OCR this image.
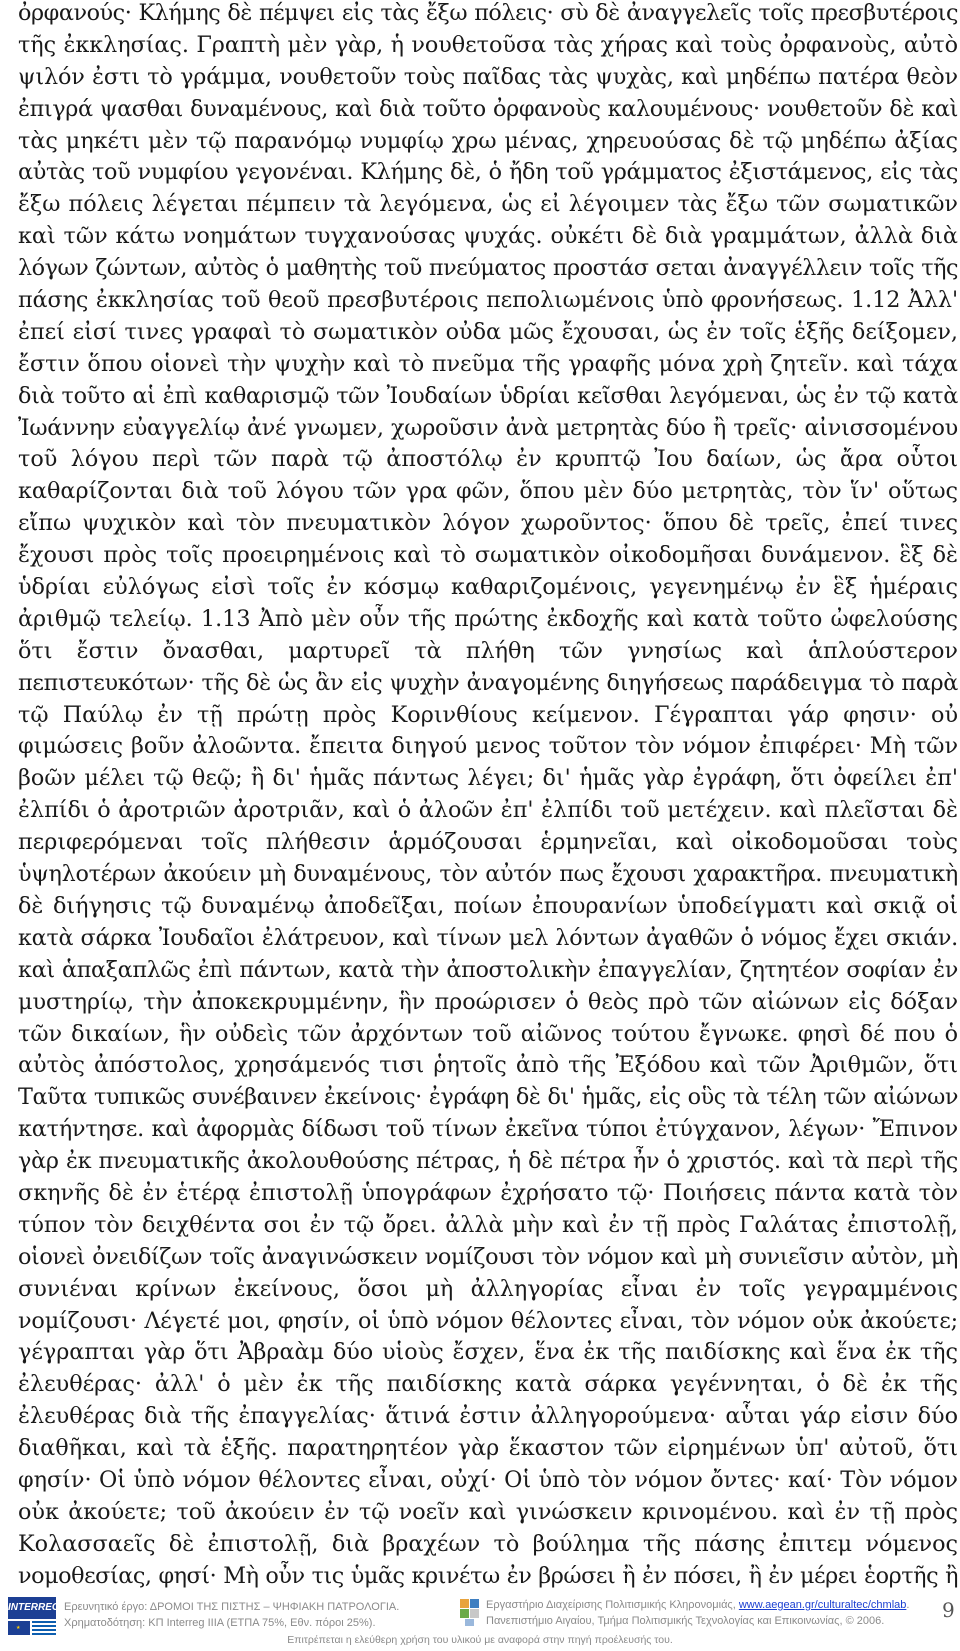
ὀρφανούς· Κλήμης δὲ πέμψει εἰς τὰς ἔξω πόλεις· σὺ δὲ ἀναγγελεῖς τοῖς πρεσβυτέροις
τῆς ἐκκλησίας. Γραπτὴ μὲν γὰρ, ἡ νουθετοῦσα τὰς χήρας καὶ τοὺς ὀρφανοὺς, αὐτὸ
ψιλόν ἐστι τὸ γράμμα, νουθετοῦν τοὺς παῖδας τὰς ψυχὰς, καὶ μηδέπω πατέρα θεὸν
ἐπιγρά ψασθαι δυναμένους, καὶ διὰ τοῦτο ὀρφανοὺς καλουμένους· νουθετοῦν δὲ καὶ
τὰς μηκέτι μὲν τῷ παρανόμῳ νυμφίῳ χρω μένας, χηρευούσας δὲ τῷ μηδέπω ἀξίας
αὐτὰς τοῦ νυμφίου γεγονέναι. Κλήμης δὲ, ὁ ἤδη τοῦ γράμματος ἐξιστάμενος, εἰς τὰς
ἔξω πόλεις λέγεται πέμπειν τὰ λεγόμενα, ὡς εἰ λέγοιμεν τὰς ἔξω τῶν σωματικῶν
καὶ τῶν κάτω νοημάτων τυγχανούσας ψυχάς. οὐκέτι δὲ διὰ γραμμάτων, ἀλλὰ διὰ
λόγων ζώντων, αὐτὸς ὁ μαθητὴς τοῦ πνεύματος προστάσ σεται ἀναγγέλλειν τοῖς τῆς
πάσης ἐκκλησίας τοῦ θεοῦ πρεσβυτέροις πεπολιωμένοις ὑπὸ φρονήσεως. 1.12 Ἀλλ'
ἐπεί εἰσί τινες γραφαὶ τὸ σωματικὸν οὐδα μῶς ἔχουσαι, ὡς ἐν τοῖς ἑξῆς δείξομεν,
ἔστιν ὅπου οἱονεὶ τὴν ψυχὴν καὶ τὸ πνεῦμα τῆς γραφῆς μόνα χρὴ ζητεῖν. καὶ τάχα
διὰ τοῦτο αἱ ἐπὶ καθαρισμῷ τῶν Ἰουδαίων ὑδρίαι κεῖσθαι λεγόμεναι, ὡς ἐν τῷ κατὰ
Ἰωάννην εὐαγγελίῳ ἀνέ γνωμεν, χωροῦσιν ἀνὰ μετρητὰς δύο ἢ τρεῖς· αἰνισσομένου
τοῦ λόγου περὶ τῶν παρὰ τῷ ἀποστόλῳ ἐν κρυπτῷ Ἰου δαίων, ὡς ἄρα οὗτοι
καθαρίζονται διὰ τοῦ λόγου τῶν γρα φῶν, ὅπου μὲν δύο μετρητὰς, τὸν ἵν' οὕτως
εἴπω ψυχικὸν καὶ τὸν πνευματικὸν λόγον χωροῦντος· ὅπου δὲ τρεῖς, ἐπεί τινες
ἔχουσι πρὸς τοῖς προειρημένοις καὶ τὸ σωματικὸν οἰκοδομῆσαι δυνάμενον. ἓξ δὲ
ὑδρίαι εὐλόγως εἰσὶ τοῖς ἐν κόσμῳ καθαριζομένοις, γεγενημένῳ ἐν ἓξ ἡμέραις
ἀριθμῷ τελείῳ. 1.13 Ἀπὸ μὲν οὖν τῆς πρώτης ἐκδοχῆς καὶ κατὰ τοῦτο ὠφελούσης
ὅτι ἔστιν ὄνασθαι, μαρτυρεῖ τὰ πλήθη τῶν γνησίως καὶ ἁπλούστερον
πεπιστευκότων· τῆς δὲ ὡς ἂν εἰς ψυχὴν ἀναγομένης διηγήσεως παράδειγμα τὸ παρὰ
τῷ Παύλῳ ἐν τῇ πρώτῃ πρὸς Κορινθίους κείμενον. Γέγραπται γάρ φησιν· οὐ
φιμώσεις βοῦν ἀλοῶντα. ἔπειτα διηγού μενος τοῦτον τὸν νόμον ἐπιφέρει· Μὴ τῶν
βοῶν μέλει τῷ θεῷ; ἢ δι' ἡμᾶς πάντως λέγει; δι' ἡμᾶς γὰρ ἐγράφη, ὅτι ὀφείλει ἐπ'
ἐλπίδι ὁ ἀροτριῶν ἀροτριᾶν, καὶ ὁ ἀλοῶν ἐπ' ἐλπίδι τοῦ μετέχειν. καὶ πλεῖσται δὲ
περιφερόμεναι τοῖς πλήθεσιν ἁρμόζουσαι ἑρμηνεῖαι, καὶ οἰκοδομοῦσαι τοὺς
ὑψηλοτέρων ἀκούειν μὴ δυναμένους, τὸν αὐτόν πως ἔχουσι χαρακτῆρα. πνευματικὴ
δὲ διήγησις τῷ δυναμένῳ ἀποδεῖξαι, ποίων ἐπουρανίων ὑποδείγματι καὶ σκιᾷ οἱ
κατὰ σάρκα Ἰουδαῖοι ἐλάτρευον, καὶ τίνων μελ λόντων ἀγαθῶν ὁ νόμος ἔχει σκιάν.
καὶ ἁπαξαπλῶς ἐπὶ πάντων, κατὰ τὴν ἀποστολικὴν ἐπαγγελίαν, ζητητέον σοφίαν ἐν
μυστηρίῳ, τὴν ἀποκεκρυμμένην, ἣν προώρισεν ὁ θεὸς πρὸ τῶν αἰώνων εἰς δόξαν
τῶν δικαίων, ἣν οὐδεὶς τῶν ἀρχόντων τοῦ αἰῶνος τούτου ἔγνωκε. φησὶ δέ που ὁ
αὐτὸς ἀπόστολος, χρησάμενός τισι ῥητοῖς ἀπὸ τῆς Ἐξόδου καὶ τῶν Ἀριθμῶν, ὅτι
Ταῦτα τυπικῶς συνέβαινεν ἐκείνοις· ἐγράφη δὲ δι' ἡμᾶς, εἰς οὓς τὰ τέλη τῶν αἰώνων
κατήντησε. καὶ ἀφορμὰς δίδωσι τοῦ τίνων ἐκεῖνα τύποι ἐτύγχανον, λέγων· Ἔπινον
γὰρ ἐκ πνευματικῆς ἀκολουθούσης πέτρας, ἡ δὲ πέτρα ἦν ὁ χριστός. καὶ τὰ περὶ τῆς
σκηνῆς δὲ ἐν ἑτέρᾳ ἐπιστολῇ ὑπογράφων ἐχρήσατο τῷ· Ποιήσεις πάντα κατὰ τὸν
τύπον τὸν δειχθέντα σοι ἐν τῷ ὄρει. ἀλλὰ μὴν καὶ ἐν τῇ πρὸς Γαλάτας ἐπιστολῇ,
οἱονεὶ ὀνειδίζων τοῖς ἀναγινώσκειν νομίζουσι τὸν νόμον καὶ μὴ συνιεῖσιν αὐτὸν, μὴ
συνιέναι κρίνων ἐκείνους, ὅσοι μὴ ἀλληγορίας εἶναι ἐν τοῖς γεγραμμένοις
νομίζουσι· Λέγετέ μοι, φησίν, οἱ ὑπὸ νόμον θέλοντες εἶναι, τὸν νόμον οὐκ ἀκούετε;
γέγραπται γὰρ ὅτι Ἀβραὰμ δύο υἱοὺς ἔσχεν, ἕνα ἐκ τῆς παιδίσκης καὶ ἕνα ἐκ τῆς
ἐλευθέρας· ἀλλ' ὁ μὲν ἐκ τῆς παιδίσκης κατὰ σάρκα γεγέννηται, ὁ δὲ ἐκ τῆς
ἐλευθέρας διὰ τῆς ἐπαγγελίας· ἅτινά ἐστιν ἀλληγορούμενα· αὗται γάρ εἰσιν δύο
διαθῆκαι, καὶ τὰ ἑξῆς. παρατηρητέον γὰρ ἕκαστον τῶν εἰρημένων ὑπ' αὐτοῦ, ὅτι
φησίν· Οἱ ὑπὸ νόμον θέλοντες εἶναι, οὐχί· Οἱ ὑπὸ τὸν νόμον ὄντες· καί· Τὸν νόμον
οὐκ ἀκούετε; τοῦ ἀκούειν ἐν τῷ νοεῖν καὶ γινώσκειν κρινομένου. καὶ ἐν τῇ πρὸς
Κολασσαεῖς δὲ ἐπιστολῇ, διὰ βραχέων τὸ βούλημα τῆς πάσης ἐπιτεμ νόμενος
νομοθεσίας, φησί· Μὴ οὖν τις ὑμᾶς κρινέτω ἐν βρώσει ἢ ἐν πόσει, ἢ ἐν μέρει ἑορτῆς ἢ
INTERREG
★
Ερευνητικό έργο: ΔΡΟΜΟΙ ΤΗΣ ΠΙΣΤΗΣ – ΨΗΦΙΑΚΗ ΠΑΤΡΟΛΟΓΙΑ.
Χρηματοδότηση: ΚΠ Interreg IIIA (ΕΤΠΑ 75%, Εθν. πόροι 25%).
Εργαστήριο Διαχείρισης Πολιτισμικής Κληρονομιάς, www.aegean.gr/culturaltec/chmlab.
Πανεπιστήμιο Αιγαίου, Τμήμα Πολιτισμικής Τεχνολογίας και Επικοινωνίας, © 2006.	9
Επιτρέπεται η ελεύθερη χρήση του υλικού με αναφορά στην πηγή προέλευσής του.
